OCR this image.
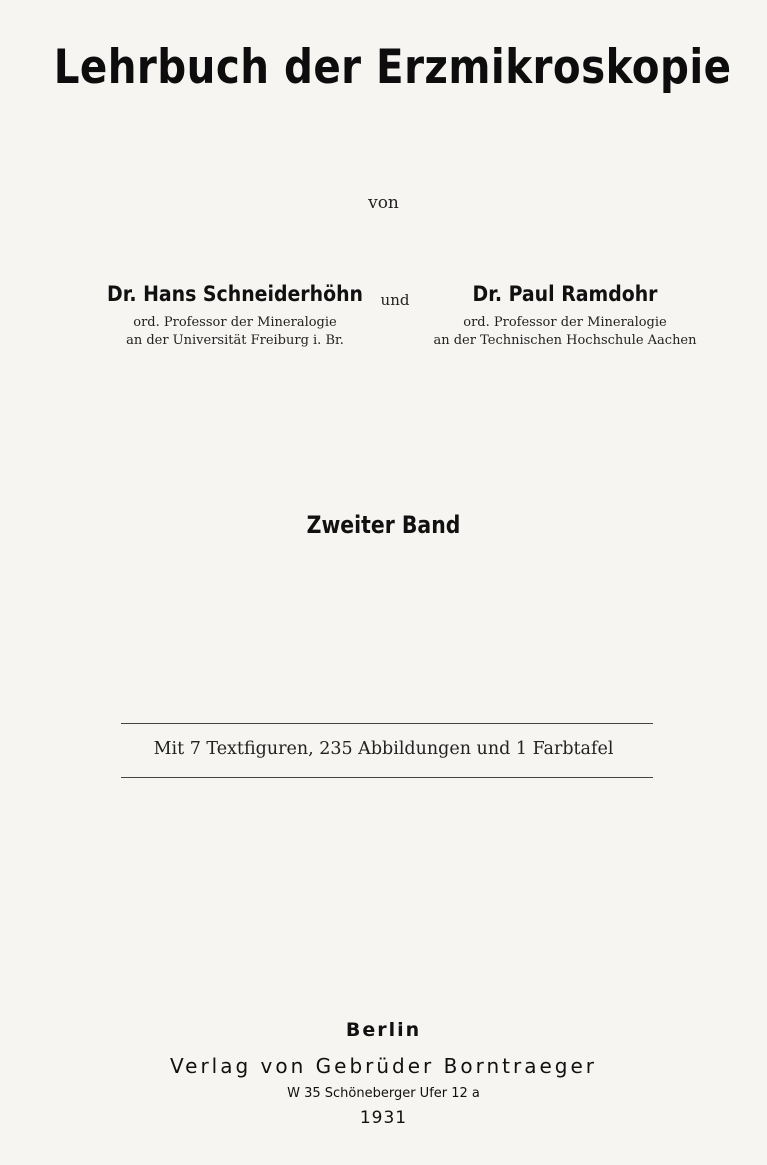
Lehrbuch der Erzmikroskopie
von
Dr. Hans Schneiderhöhn
ord. Professor der Mineralogie
an der Universität Freiburg i. Br.
und	Dr. Paul Ramdohr
ord. Professor der Mineralogie
an der Technischen Hochschule Aachen
Zweiter Band
Mit 7 Textfiguren, 235 Abbildungen und 1 Farbtafel
Berlin
Verlag von Gebrüder Borntraeger
W 35 Schöneberger Ufer 12 a
1931
